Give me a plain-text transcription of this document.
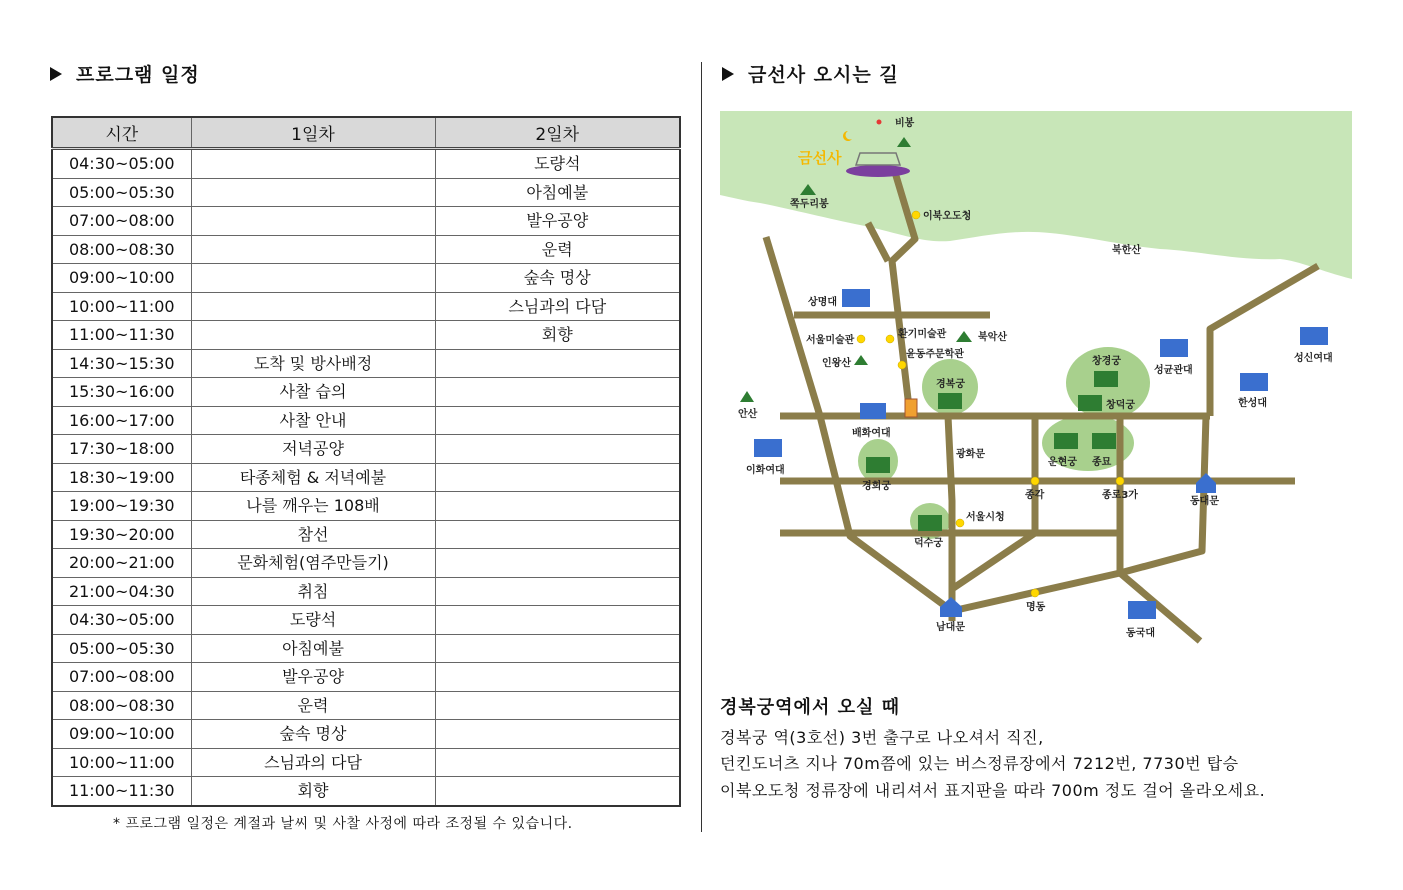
프로그램 일정	금선사 오시는 길
시간	1일차	2일차
04:30~05:00		도량석
05:00~05:30		아침예불
07:00~08:00		발우공양
08:00~08:30		운력
09:00~10:00		숲속 명상
10:00~11:00		스님과의 다담
11:00~11:30		회향
14:30~15:30	도착 및 방사배정	
15:30~16:00	사찰 습의	
16:00~17:00	사찰 안내	
17:30~18:00	저녁공양	
18:30~19:00	타종체험 & 저녁예불	
19:00~19:30	나를 깨우는 108배	
19:30~20:00	참선	
20:00~21:00	문화체험(염주만들기)	
21:00~04:30	취침	
04:30~05:00	도량석	
05:00~05:30	아침예불	
07:00~08:00	발우공양	
08:00~08:30	운력	
09:00~10:00	숲속 명상	
10:00~11:00	스님과의 다담	
11:00~11:30	회향	
* 프로그램 일정은 계절과 날씨 및 사찰 사정에 따라 조정될 수 있습니다.
금선사
비봉
쪽두리봉
북한산
북악산
인왕산
안산
이북오도청
서울미술관
환기미술관
윤동주문학관
종각	종로3가
서울시청
명동
상명대
성균관대
성신여대
한성대
배화여대
이화여대
동국대
경복궁
창경궁
창덕궁
운현궁 종묘
경희궁
덕수궁
광화문
동대문
남대문
경복궁역에서 오실 때
경복궁 역(3호선) 3번 출구로 나오셔서 직진,
던킨도너츠 지나 70m쯤에 있는 버스정류장에서 7212번, 7730번 탑승
이북오도청 정류장에 내리셔서 표지판을 따라 700m 정도 걸어 올라오세요.
